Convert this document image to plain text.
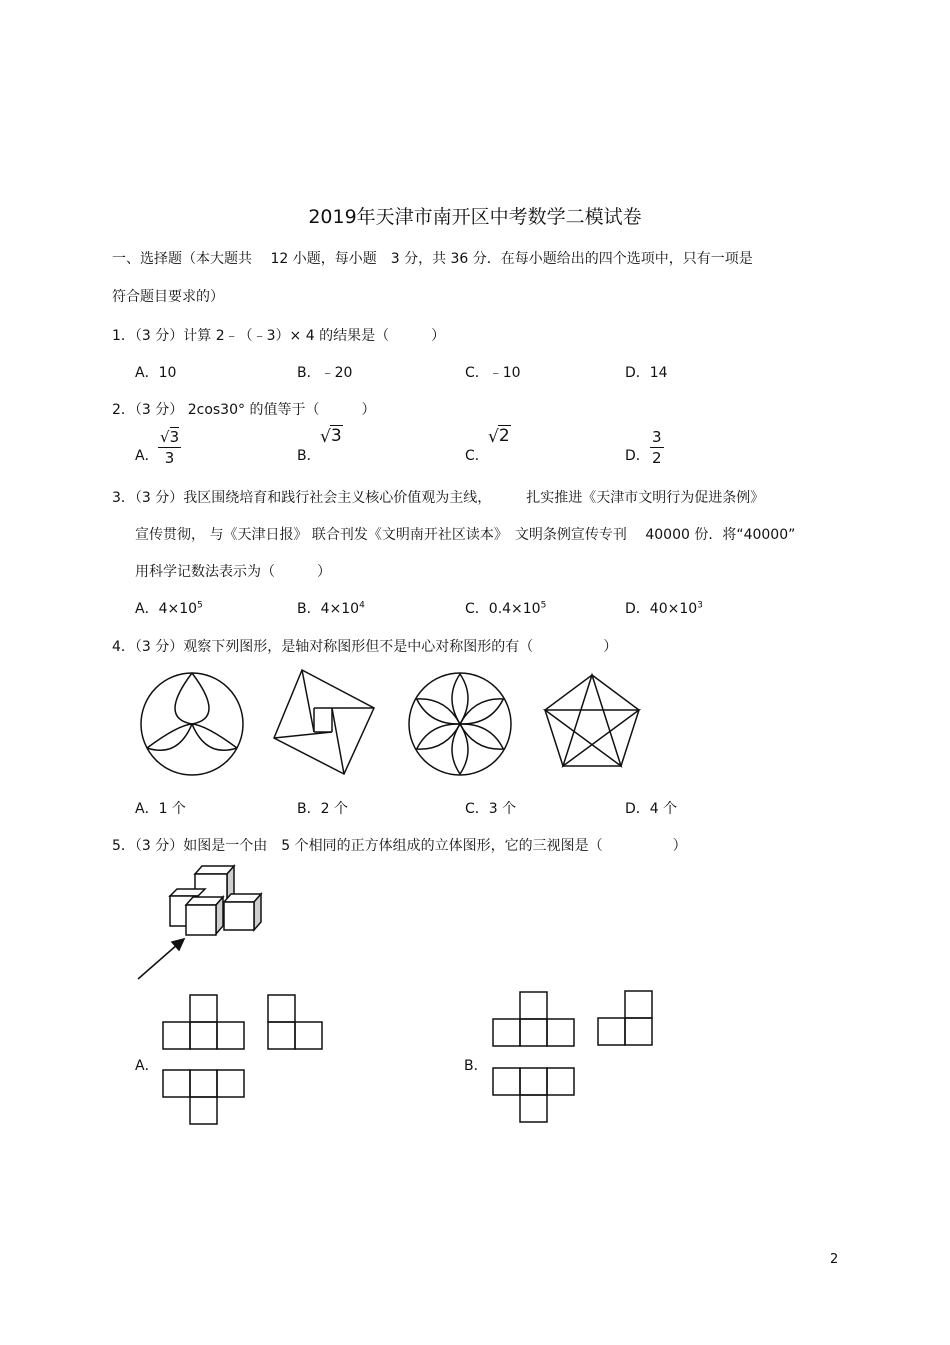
2019年天津市南开区中考数学二模试卷
一、选择题（本大题共　 12 小题，每小题　3 分，共 36 分．在每小题给出的四个选项中，只有一项是
符合题目要求的）
1．（3 分）计算 2﹣（﹣3）× 4 的结果是（　　　）
A．10	B．﹣20	C．﹣10	D．14
2．（3 分） 2cos30° 的值等于（　　　）
A． $\frac{√3}{3}$	B．
√3
C．
√2
D． $\frac{3}{2}$
3．（3 分）我区围绕培育和践行社会主义核心价值观为主线，　　　扎实推进《天津市文明行为促进条例》
宣传贯彻， 与《天津日报》 联合刊发《文明南开社区读本》　文明条例宣传专刊　 40000 份．将“40000”
用科学记数法表示为（　　　）
A．$4\times 10^5$	B．$4\times 10^4$	C．$0.4\times 10^5$	D．$40\times 10^3$
4．（3 分）观察下列图形，是轴对称图形但不是中心对称图形的有（　　　　　）
A．1 个	B．2 个	C．3 个	D．4 个
5．（3 分）如图是一个由　5 个相同的正方体组成的立体图形，它的三视图是（　　　　　）
A．	B．
2
